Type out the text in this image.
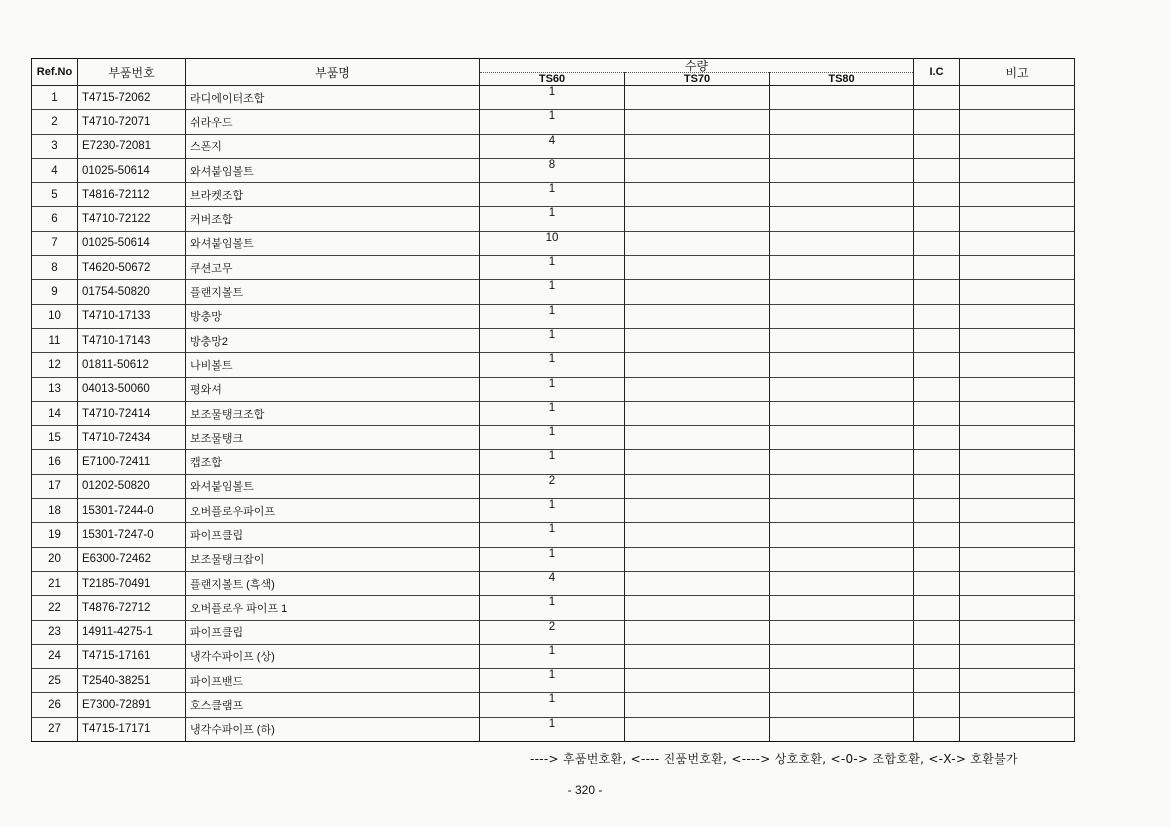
Ref.No	부품번호	부품명	수량			I.C	비고
			TS60	TS70	TS80		
1	T4715-72062	라디에이터조합	1				
2	T4710-72071	쉬라우드	1				
3	E7230-72081	스폰지	4				
4	01025-50614	와셔붙임볼트	8				
5	T4816-72112	브라켓조합	1				
6	T4710-72122	커버조합	1				
7	01025-50614	와셔붙임볼트	10				
8	T4620-50672	쿠션고무	1				
9	01754-50820	플랜지볼트	1				
10	T4710-17133	방충망	1				
11	T4710-17143	방충망2	1				
12	01811-50612	나비볼트	1				
13	04013-50060	평와셔	1				
14	T4710-72414	보조물탱크조합	1				
15	T4710-72434	보조물탱크	1				
16	E7100-72411	캡조합	1				
17	01202-50820	와셔붙임볼트	2				
18	15301-7244-0	오버플로우파이프	1				
19	15301-7247-0	파이프클립	1				
20	E6300-72462	보조물탱크잡이	1				
21	T2185-70491	플랜지볼트 (흑색)	4				
22	T4876-72712	오버플로우 파이프 1	1				
23	14911-4275-1	파이프클립	2				
24	T4715-17161	냉각수파이프 (상)	1				
25	T2540-38251	파이프밴드	1				
26	E7300-72891	호스클램프	1				
27	T4715-17171	냉각수파이프 (하)	1				
----> 후품번호환, <---- 진품번호환, <----> 상호호환, <-0-> 조합호환, <-X-> 호환불가
- 320 -
